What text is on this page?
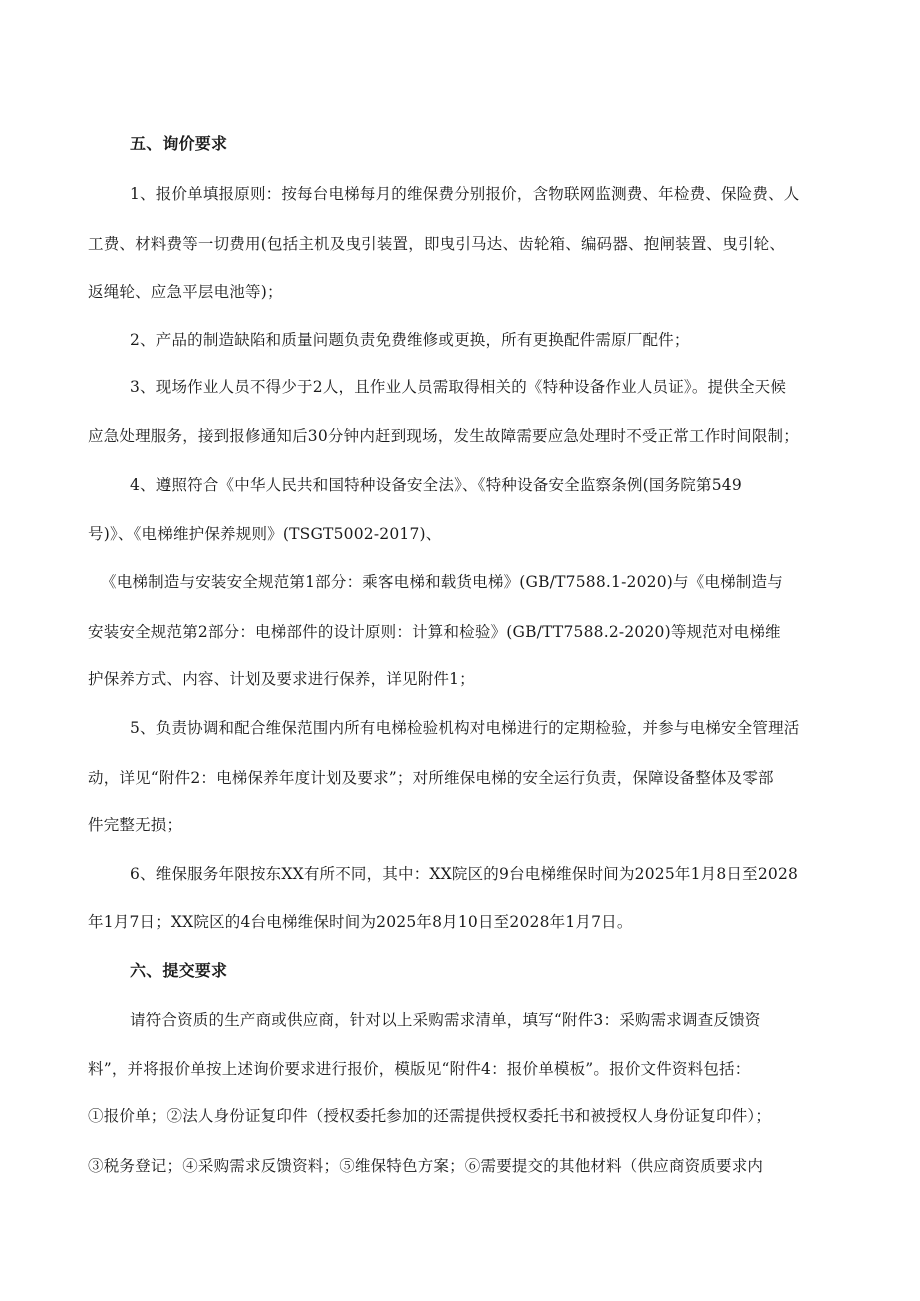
五、询价要求
1、报价单填报原则：按每台电梯每月的维保费分别报价，含物联网监测费、年检费、保险费、人
工费、材料费等一切费用(包括主机及曳引装置，即曳引马达、齿轮箱、编码器、抱闸装置、曳引轮、
返绳轮、应急平层电池等)；
2、产品的制造缺陷和质量问题负责免费维修或更换，所有更换配件需原厂配件；
3、现场作业人员不得少于2人，且作业人员需取得相关的《特种设备作业人员证》。提供全天候
应急处理服务，接到报修通知后30分钟内赶到现场，发生故障需要应急处理时不受正常工作时间限制；
4、遵照符合《中华人民共和国特种设备安全法》、《特种设备安全监察条例(国务院第549
号)》、《电梯维护保养规则》(TSGT5002-2017)、
《电梯制造与安装安全规范第1部分：乘客电梯和载货电梯》(GB/T7588.1-2020)与《电梯制造与
安装安全规范第2部分：电梯部件的设计原则：计算和检验》(GB/TT7588.2-2020)等规范对电梯维
护保养方式、内容、计划及要求进行保养，详见附件1；
5、负责协调和配合维保范围内所有电梯检验机构对电梯进行的定期检验，并参与电梯安全管理活
动，详见“附件2：电梯保养年度计划及要求”；对所维保电梯的安全运行负责，保障设备整体及零部
件完整无损；
6、维保服务年限按东XX有所不同，其中：XX院区的9台电梯维保时间为2025年1月8日至2028
年1月7日；XX院区的4台电梯维保时间为2025年8月10日至2028年1月7日。
六、提交要求
请符合资质的生产商或供应商，针对以上采购需求清单，填写“附件3：采购需求调查反馈资
料”，并将报价单按上述询价要求进行报价，模版见“附件4：报价单模板”。报价文件资料包括：
①报价单；②法人身份证复印件（授权委托参加的还需提供授权委托书和被授权人身份证复印件）；
③税务登记；④采购需求反馈资料；⑤维保特色方案；⑥需要提交的其他材料（供应商资质要求内
